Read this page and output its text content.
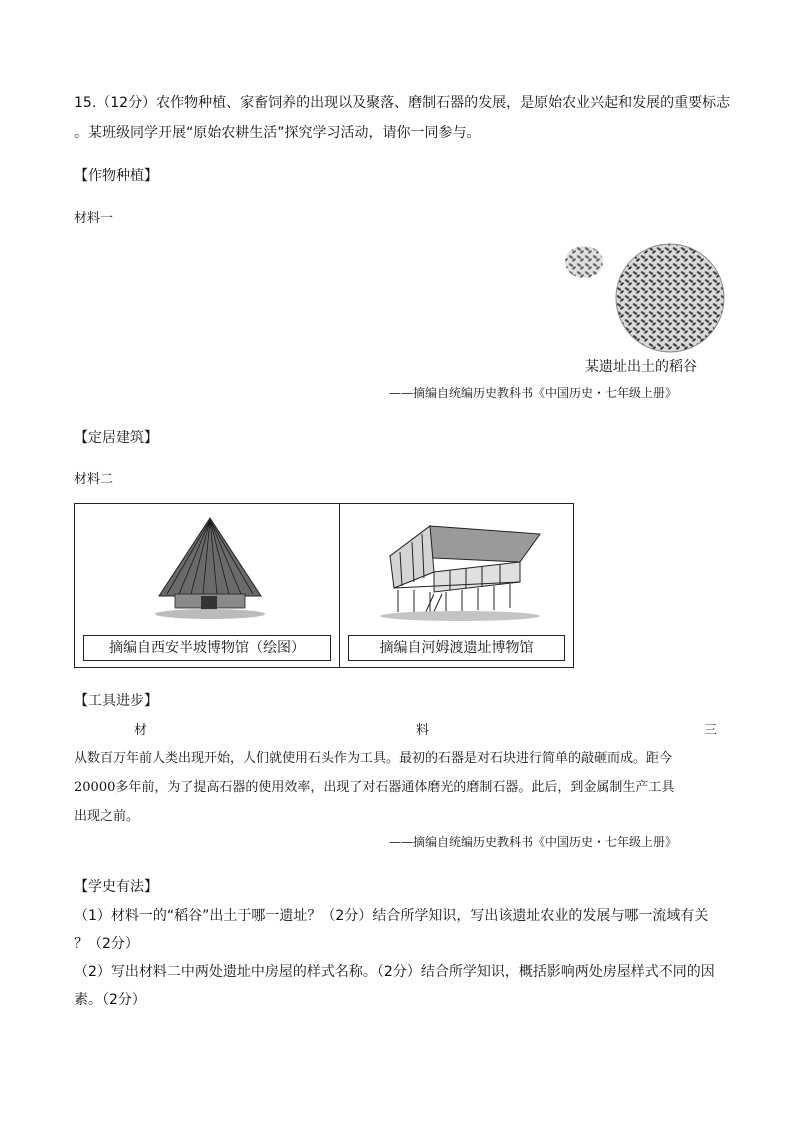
15.（12分）农作物种植、家畜饲养的出现以及聚落、磨制石器的发展，是原始农业兴起和发展的重要标志
。某班级同学开展“原始农耕生活”探究学习活动，请你一同参与。
【作物种植】
材料一
某遗址出土的稻谷
——摘编自统编历史教科书《中国历史・七年级上册》
【定居建筑】
材料二
摘编自西安半坡博物馆（绘图）	摘编自河姆渡遗址博物馆
【工具进步】
材	料	三
从数百万年前人类出现开始，人们就使用石头作为工具。最初的石器是对石块进行简单的敲砸而成。距今
20000多年前，为了提高石器的使用效率，出现了对石器通体磨光的磨制石器。此后，到金属制生产工具
出现之前。
——摘编自统编历史教科书《中国历史・七年级上册》
【学史有法】
（1）材料一的“稻谷”出土于哪一遗址？（2分）结合所学知识，写出该遗址农业的发展与哪一流域有关
？（2分）
（2）写出材料二中两处遗址中房屋的样式名称。（2分）结合所学知识，概括影响两处房屋样式不同的因
素。（2分）
